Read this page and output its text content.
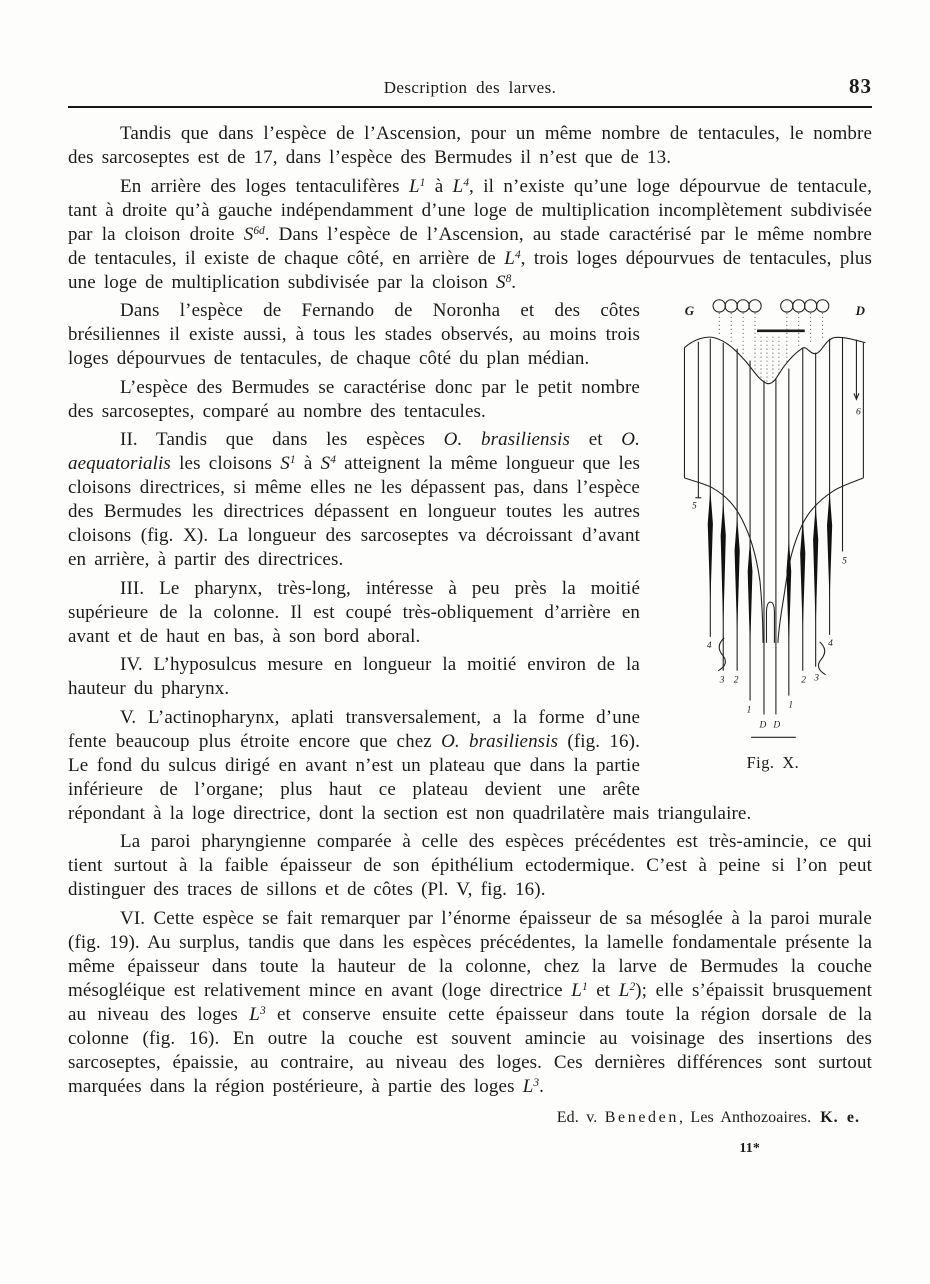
Description des larves.	83

Tandis que dans l’espèce de l’Ascension, pour un même nombre de tentacules, le nombre des sarcoseptes est de 17, dans l’espèce des Bermudes il n’est que de 13.

En arrière des loges tentaculifères $L^1$ à $L^4$, il n’existe qu’une loge dépourvue de tentacule, tant à droite qu’à gauche indépendamment d’une loge de multiplication incomplètement subdivisée par la cloison droite $S^{6d}$. Dans l’espèce de l’Ascension, au stade caractérisé par le même nombre de tentacules, il existe de chaque côté, en arrière de $L^4$, trois loges dépourvues de tentacules, plus une loge de multiplication subdivisée par la cloison $S^8$.

G	D
5
4
3 2
1	1
2 3
4
5
6
D D
Fig. X.

Dans l’espèce de Fernando de Noronha et des côtes brésiliennes il existe aussi, à tous les stades observés, au moins trois loges dépourvues de tentacules, de chaque côté du plan médian.

L’espèce des Bermudes se caractérise donc par le petit nombre des sarcoseptes, comparé au nombre des tentacules.

II. Tandis que dans les espèces O. brasiliensis et O. aequatorialis les cloisons $S^1$ à $S^4$ atteignent la même longueur que les cloisons directrices, si même elles ne les dépassent pas, dans l’espèce des Bermudes les directrices dépassent en longueur toutes les autres cloisons (fig. X). La longueur des sarcoseptes va décroissant d’avant en arrière, à partir des directrices.

III. Le pharynx, très-long, intéresse à peu près la moitié supérieure de la colonne. Il est coupé très-obliquement d’arrière en avant et de haut en bas, à son bord aboral.

IV. L’hyposulcus mesure en longueur la moitié environ de la hauteur du pharynx.

V. L’actinopharynx, aplati transversalement, a la forme d’une fente beaucoup plus étroite encore que chez O. brasiliensis (fig. 16). Le fond du sulcus dirigé en avant n’est un plateau que dans la partie inférieure de l’organe; plus haut ce plateau devient une arête répondant à la loge directrice, dont la section est non quadrilatère mais triangulaire.

La paroi pharyngienne comparée à celle des espèces précédentes est très-amincie, ce qui tient surtout à la faible épaisseur de son épithélium ectodermique. C’est à peine si l’on peut distinguer des traces de sillons et de côtes (Pl. V, fig. 16).

VI. Cette espèce se fait remarquer par l’énorme épaisseur de sa mésoglée à la paroi murale (fig. 19). Au surplus, tandis que dans les espèces précédentes, la lamelle fondamentale présente la même épaisseur dans toute la hauteur de la colonne, chez la larve de Bermudes la couche mésogléique est relativement mince en avant (loge directrice $L^1$ et $L^2$); elle s’épaissit brusquement au niveau des loges $L^3$ et conserve ensuite cette épaisseur dans toute la région dorsale de la colonne (fig. 16). En outre la couche est souvent amincie au voisinage des insertions des sarcoseptes, épaissie, au contraire, au niveau des loges. Ces dernières différences sont surtout marquées dans la région postérieure, à partie des loges $L^3$.

Ed. v. Beneden, Les Anthozoaires. K. e.
11*
